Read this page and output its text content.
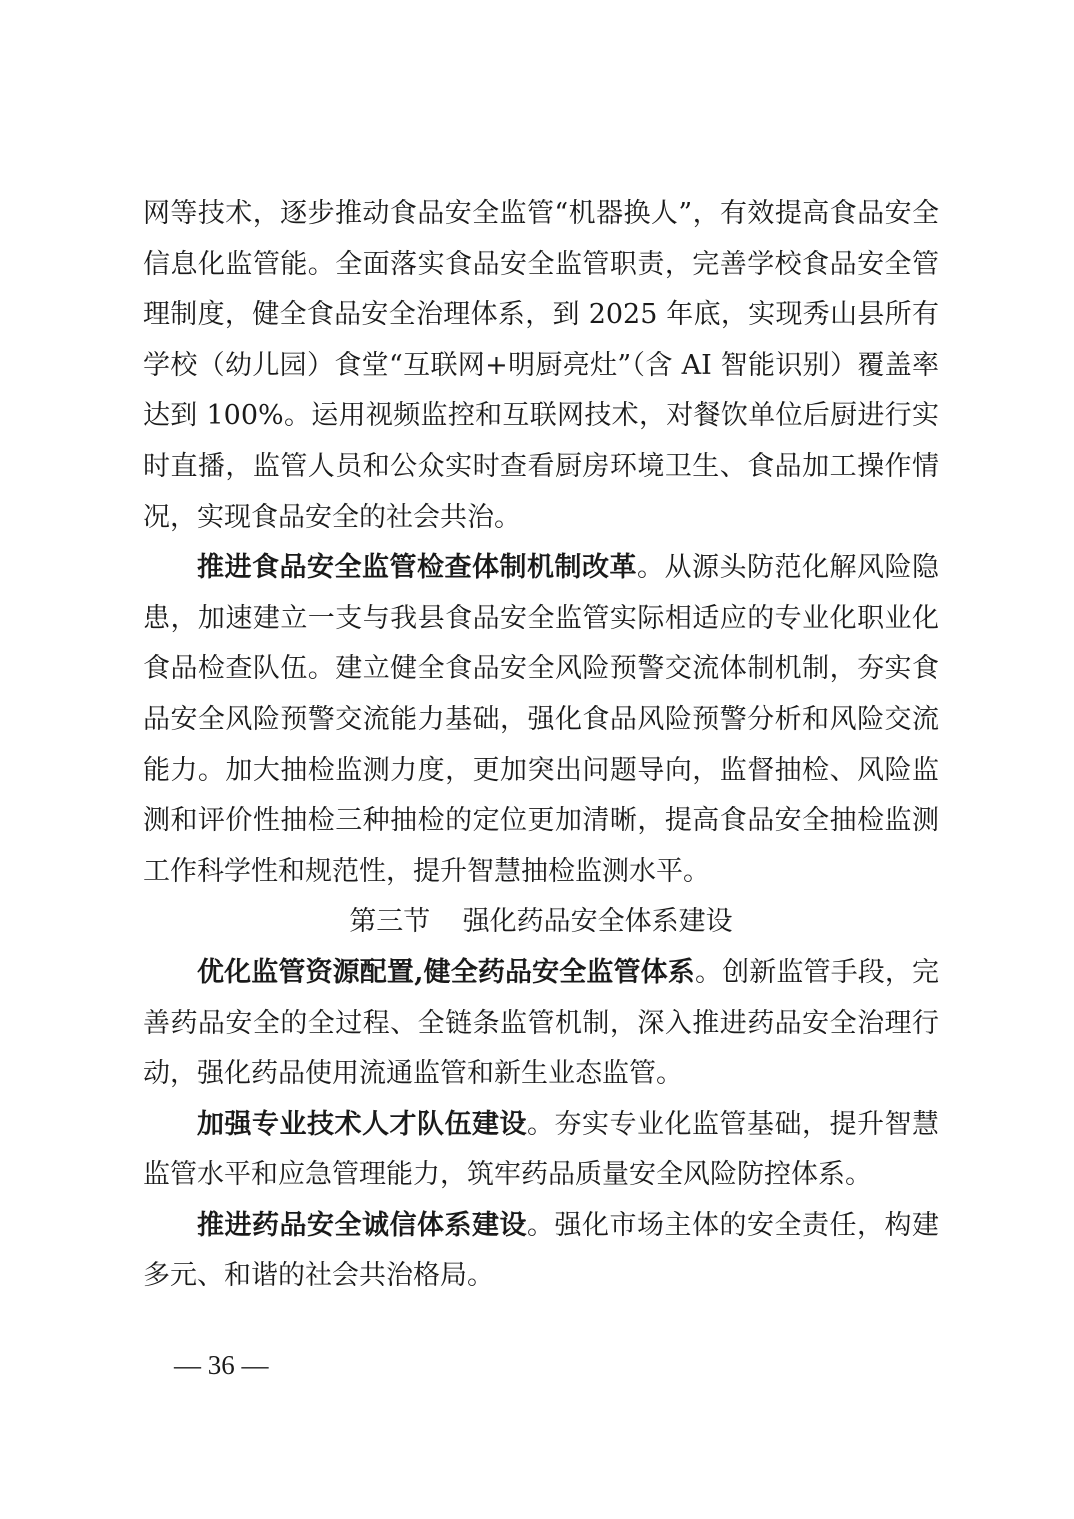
网等技术，逐步推动食品安全监管“机器换人”，有效提高食品安全信息化监管能。全面落实食品安全监管职责，完善学校食品安全管理制度，健全食品安全治理体系，到 2025 年底，实现秀山县所有学校（幼儿园）食堂“互联网+明厨亮灶”（含 AI 智能识别）覆盖率达到 100%。运用视频监控和互联网技术，对餐饮单位后厨进行实时直播，监管人员和公众实时查看厨房环境卫生、食品加工操作情况，实现食品安全的社会共治。

推进食品安全监管检查体制机制改革。从源头防范化解风险隐患，加速建立一支与我县食品安全监管实际相适应的专业化职业化食品检查队伍。建立健全食品安全风险预警交流体制机制，夯实食品安全风险预警交流能力基础，强化食品风险预警分析和风险交流能力。加大抽检监测力度，更加突出问题导向，监督抽检、风险监测和评价性抽检三种抽检的定位更加清晰，提高食品安全抽检监测工作科学性和规范性，提升智慧抽检监测水平。

第三节 强化药品安全体系建设

优化监管资源配置,健全药品安全监管体系。创新监管手段，完善药品安全的全过程、全链条监管机制，深入推进药品安全治理行动，强化药品使用流通监管和新生业态监管。

加强专业技术人才队伍建设。夯实专业化监管基础，提升智慧监管水平和应急管理能力，筑牢药品质量安全风险防控体系。

推进药品安全诚信体系建设。强化市场主体的安全责任，构建多元、和谐的社会共治格局。

— 36 —
